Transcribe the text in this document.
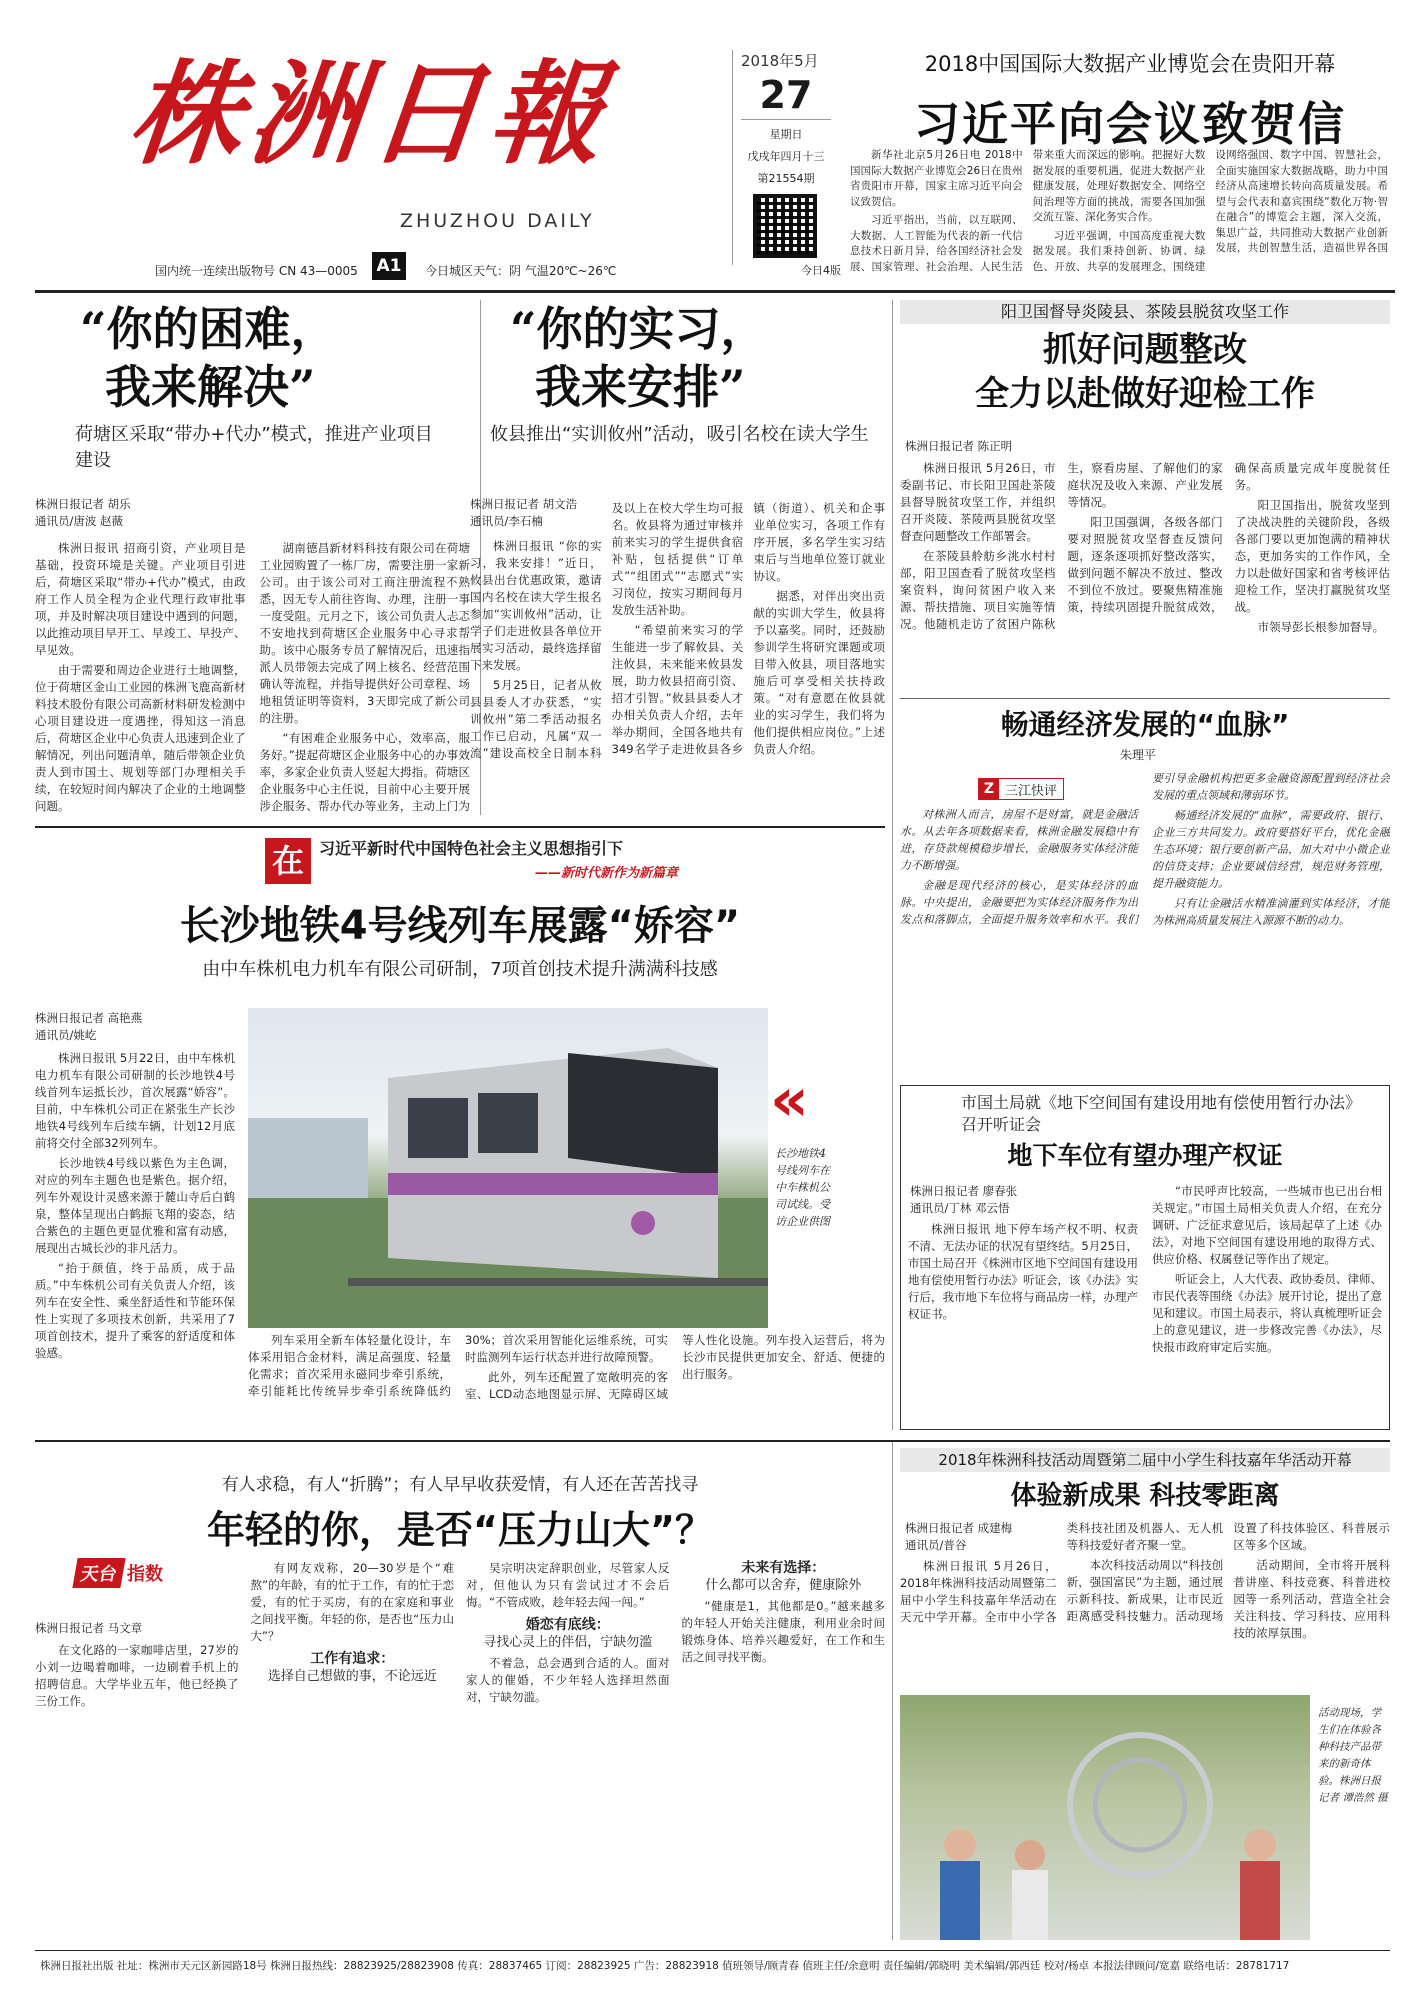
株洲日報
ZHUZHOU DAILY
2018年5月
27
星期日
戊戌年四月十三
第21554期
今日4版
国内统一连续出版物号 CN 43—0005 A1	今日城区天气：阴 气温20℃~26℃
2018中国国际大数据产业博览会在贵阳开幕
习近平向会议致贺信

新华社北京5月26日电 2018中国国际大数据产业博览会26日在贵州省贵阳市开幕，国家主席习近平向会议致贺信。

习近平指出，当前，以互联网、大数据、人工智能为代表的新一代信息技术日新月异，给各国经济社会发展、国家管理、社会治理、人民生活带来重大而深远的影响。把握好大数据发展的重要机遇，促进大数据产业健康发展，处理好数据安全、网络空间治理等方面的挑战，需要各国加强交流互鉴、深化务实合作。

习近平强调，中国高度重视大数据发展。我们秉持创新、协调、绿色、开放、共享的发展理念，围绕建设网络强国、数字中国、智慧社会，全面实施国家大数据战略，助力中国经济从高速增长转向高质量发展。希望与会代表和嘉宾围绕“数化万物·智在融合”的博览会主题，深入交流，集思广益，共同推动大数据产业创新发展，共创智慧生活，造福世界各国

“你的困难，
我来解决”
荷塘区采取“带办+代办”模式，推进产业项目建设
株洲日报记者 胡乐
通讯员/唐波 赵薇

株洲日报讯 招商引资，产业项目是基础，投资环境是关键。产业项目引进后，荷塘区采取“带办+代办”模式，由政府工作人员全程为企业代理行政审批事项，并及时解决项目建设中遇到的问题，以此推动项目早开工、早竣工、早投产、早见效。

由于需要和周边企业进行土地调整，位于荷塘区金山工业园的株洲飞鹿高新材料技术股份有限公司高新材料研发检测中心项目建设进一度遇挫，得知这一消息后，荷塘区企业中心负责人迅速到企业了解情况，列出问题清单，随后带领企业负责人到市国土、规划等部门办理相关手续，在较短时间内解决了企业的土地调整问题。

湖南德昌新材料科技有限公司在荷塘工业园购置了一栋厂房，需要注册一家新公司。由于该公司对工商注册流程不熟悉，因无专人前往咨询、办理，注册一事一度受阻。元月之下，该公司负责人忐忑不安地找到荷塘区企业服务中心寻求帮助。该中心服务专员了解情况后，迅速指派人员带领去完成了网上核名、经营范围确认等流程，并指导提供好公司章程、场地租赁证明等资料，3天即完成了新公司的注册。

“有困难企业服务中心，效率高，服务好。”提起荷塘区企业服务中心的办事效率，多家企业负责人竖起大拇指。荷塘区企业服务中心主任说，目前中心主要开展涉企服务、帮办代办等业务，主动上门为

“你的实习，
我来安排”
攸县推出“实训攸州”活动，吸引名校在读大学生
株洲日报记者 胡文浩
通讯员/李石楠

株洲日报讯 “你的实习，我来安排！”近日，攸县出台优惠政策，邀请国内名校在读大学生报名参加“实训攸州”活动，让学子们走进攸县各单位开展实习活动，最终选择留下来发展。

5月25日，记者从攸县县委人才办获悉，“实训攸州”第二季活动报名工作已启动，凡属“双一流”建设高校全日制本科及以上在校大学生均可报名。攸县将为通过审核并前来实习的学生提供食宿补贴，包括提供“订单式”“组团式”“志愿式”实习岗位，按实习期间每月发放生活补助。

“希望前来实习的学生能进一步了解攸县、关注攸县，未来能来攸县发展，助力攸县招商引资、招才引智。”攸县县委人才办相关负责人介绍，去年举办期间，全国各地共有349名学子走进攸县各乡镇（街道）、机关和企事业单位实习，各项工作有序开展，多名学生实习结束后与当地单位签订就业协议。

据悉，对伴出突出贡献的实训大学生，攸县将予以嘉奖。同时，还鼓励参训学生将研究课题或项目带入攸县，项目落地实施后可享受相关扶持政策。“对有意愿在攸县就业的实习学生，我们将为他们提供相应岗位。”上述负责人介绍。

阳卫国督导炎陵县、茶陵县脱贫攻坚工作
抓好问题整改
全力以赴做好迎检工作
株洲日报记者 陈正明

株洲日报讯 5月26日，市委副书记、市长阳卫国赴茶陵县督导脱贫攻坚工作，并组织召开炎陵、茶陵两县脱贫攻坚督查问题整改工作部署会。

在茶陵县舲舫乡洮水村村部，阳卫国查看了脱贫攻坚档案资料，询问贫困户收入来源、帮扶措施、项目实施等情况。他随机走访了贫困户陈秋生，察看房屋、了解他们的家庭状况及收入来源、产业发展等情况。

阳卫国强调，各级各部门要对照脱贫攻坚督查反馈问题，逐条逐项抓好整改落实，做到问题不解决不放过、整改不到位不放过。要聚焦精准施策，持续巩固提升脱贫成效，确保高质量完成年度脱贫任务。

阳卫国指出，脱贫攻坚到了决战决胜的关键阶段，各级各部门要以更加饱满的精神状态，更加务实的工作作风，全力以赴做好国家和省考核评估迎检工作，坚决打赢脱贫攻坚战。

市领导彭长根参加督导。

畅通经济发展的“血脉”
朱理平
Z 三江快评

对株洲人而言，房屋不是财富，就是金融活水。从去年各项数据来看，株洲金融发展稳中有进，存贷款规模稳步增长，金融服务实体经济能力不断增强。

金融是现代经济的核心，是实体经济的血脉。中央提出，金融要把为实体经济服务作为出发点和落脚点，全面提升服务效率和水平。我们要引导金融机构把更多金融资源配置到经济社会发展的重点领域和薄弱环节。

畅通经济发展的“血脉”，需要政府、银行、企业三方共同发力。政府要搭好平台，优化金融生态环境；银行要创新产品，加大对中小微企业的信贷支持；企业要诚信经营，规范财务管理，提升融资能力。

只有让金融活水精准滴灌到实体经济，才能为株洲高质量发展注入源源不断的动力。

市国土局就《地下空间国有建设用地有偿使用暂行办法》召开听证会
地下车位有望办理产权证
株洲日报记者 廖春张
通讯员/丁林 邓云悟

株洲日报讯 地下停车场产权不明、权责不清、无法办证的状况有望终结。5月25日，市国土局召开《株洲市区地下空间国有建设用地有偿使用暂行办法》听证会，该《办法》实行后，我市地下车位将与商品房一样，办理产权证书。

“市民呼声比较高，一些城市也已出台相关规定。”市国土局相关负责人介绍，在充分调研、广泛征求意见后，该局起草了上述《办法》，对地下空间国有建设用地的取得方式、供应价格、权属登记等作出了规定。

听证会上，人大代表、政协委员、律师、市民代表等围绕《办法》展开讨论，提出了意见和建议。市国土局表示，将认真梳理听证会上的意见建议，进一步修改完善《办法》，尽快报市政府审定后实施。

在 习近平新时代中国特色社会主义思想指引下
——新时代新作为新篇章
长沙地铁4号线列车展露“娇容”
由中车株机电力机车有限公司研制，7项首创技术提升满满科技感
株洲日报记者 高艳燕
通讯员/姚屹
«
长沙地铁4号线列车在中车株机公司试线。受访企业供图

株洲日报讯 5月22日，由中车株机电力机车有限公司研制的长沙地铁4号线首列车运抵长沙，首次展露“娇容”。目前，中车株机公司正在紧张生产长沙地铁4号线列车后续车辆，计划12月底前将交付全部32列列车。

长沙地铁4号线以紫色为主色调，对应的列车主题色也是紫色。据介绍，列车外观设计灵感来源于麓山寺后白鹤泉，整体呈现出白鹤振飞翔的姿态，结合紫色的主题色更显优雅和富有动感，展现出古城长沙的非凡活力。

“抬于颜值，终于品质，成于品质。”中车株机公司有关负责人介绍，该列车在安全性、乘坐舒适性和节能环保性上实现了多项技术创新，共采用了7项首创技术，提升了乘客的舒适度和体验感。

列车采用全新车体轻量化设计，车体采用铝合金材料，满足高强度、轻量化需求；首次采用永磁同步牵引系统，牵引能耗比传统异步牵引系统降低约30%；首次采用智能化运维系统，可实时监测列车运行状态并进行故障预警。

此外，列车还配置了宽敞明亮的客室、LCD动态地图显示屏、无障碍区域等人性化设施。列车投入运营后，将为长沙市民提供更加安全、舒适、便捷的出行服务。

有人求稳，有人“折腾”；有人早早收获爱情，有人还在苦苦找寻
年轻的你，是否“压力山大”？
天台 指数
株洲日报记者 马文章

在文化路的一家咖啡店里，27岁的小刘一边喝着咖啡，一边刷着手机上的招聘信息。大学毕业五年，他已经换了三份工作。

有网友戏称，20—30岁是个“难熬”的年龄，有的忙于工作，有的忙于恋爱，有的忙于买房，有的在家庭和事业之间找平衡。年轻的你，是否也“压力山大”？

工作有追求：
选择自己想做的事，不论远近

吴宗明决定辞职创业，尽管家人反对，但他认为只有尝试过才不会后悔。“不管成败，趁年轻去闯一闯。”

婚恋有底线：
寻找心灵上的伴侣，宁缺勿滥

不着急，总会遇到合适的人。面对家人的催婚，不少年轻人选择坦然面对，宁缺勿滥。

未来有选择：
什么都可以舍弃，健康除外

“健康是1，其他都是0。”越来越多的年轻人开始关注健康，利用业余时间锻炼身体、培养兴趣爱好，在工作和生活之间寻找平衡。

2018年株洲科技活动周暨第二届中小学生科技嘉年华活动开幕
体验新成果 科技零距离
株洲日报记者 成建梅
通讯员/普谷

株洲日报讯 5月26日，2018年株洲科技活动周暨第二届中小学生科技嘉年华活动在天元中学开幕。全市中小学各类科技社团及机器人、无人机等科技爱好者齐聚一堂。

本次科技活动周以“科技创新，强国富民”为主题，通过展示新科技、新成果，让市民近距离感受科技魅力。活动现场设置了科技体验区、科普展示区等多个区域。

活动期间，全市将开展科普讲座、科技竞赛、科普进校园等一系列活动，营造全社会关注科技、学习科技、应用科技的浓厚氛围。

活动现场，学生们在体验各种科技产品带来的新奇体验。株洲日报记者 谭浩然 摄
株洲日报社出版 社址：株洲市天元区新园路18号 株洲日报热线：28823925/28823908 传真：28837465 订阅：28823925 广告：28823918 值班领导/顾青春 值班主任/余意明 责任编辑/郭晓明 美术编辑/郭西廷 校对/杨卓 本报法律顾问/宽嘉 联络电话：28781717
